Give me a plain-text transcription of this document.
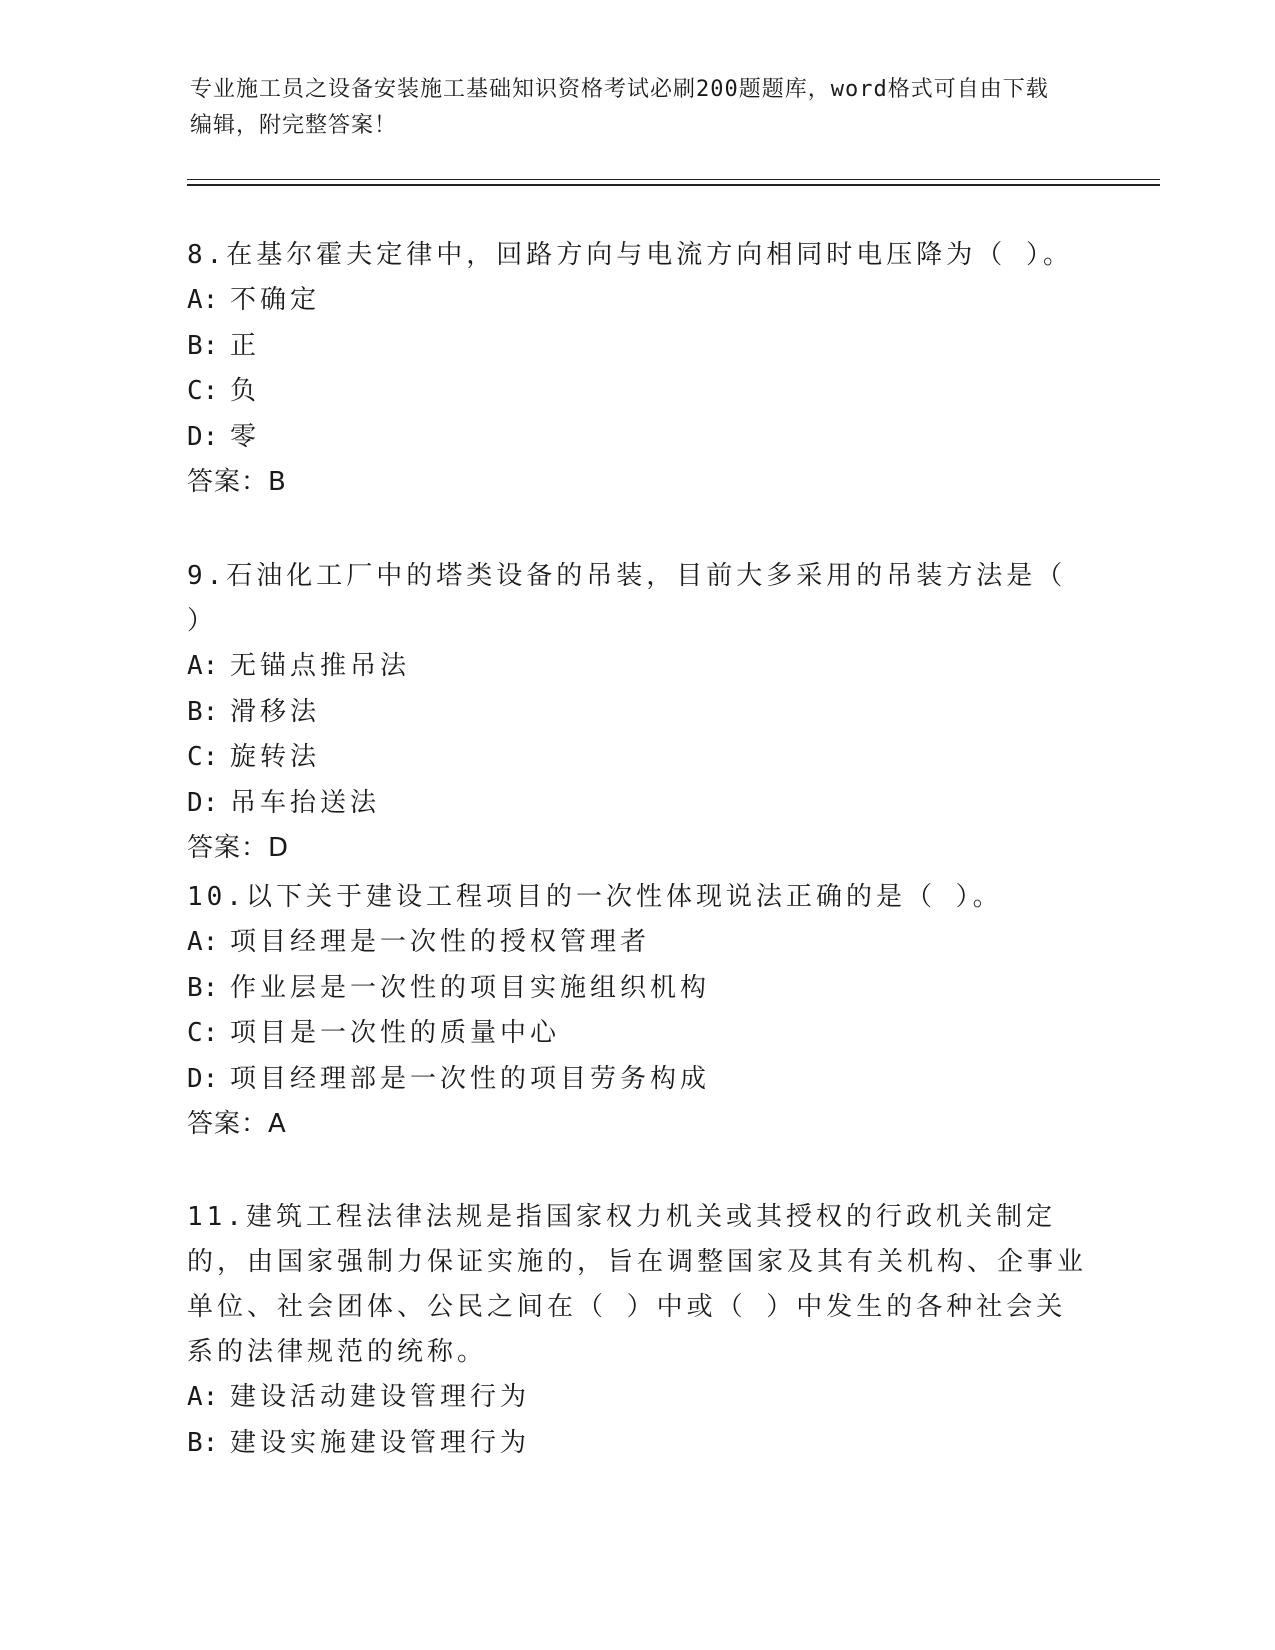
专业施工员之设备安装施工基础知识资格考试必刷200题题库，word格式可自由下载编辑，附完整答案！
8.在基尔霍夫定律中，回路方向与电流方向相同时电压降为（ ）。
A: 不确定
B: 正
C: 负
D: 零
答案：B
9.石油化工厂中的塔类设备的吊装，目前大多采用的吊装方法是（ ）
A: 无锚点推吊法
B: 滑移法
C: 旋转法
D: 吊车抬送法
答案：D
10.以下关于建设工程项目的一次性体现说法正确的是（ ）。
A: 项目经理是一次性的授权管理者
B: 作业层是一次性的项目实施组织机构
C: 项目是一次性的质量中心
D: 项目经理部是一次性的项目劳务构成
答案：A
11.建筑工程法律法规是指国家权力机关或其授权的行政机关制定的，由国家强制力保证实施的，旨在调整国家及其有关机构、企事业单位、社会团体、公民之间在（ ）中或（ ）中发生的各种社会关系的法律规范的统称。
A: 建设活动建设管理行为
B: 建设实施建设管理行为
